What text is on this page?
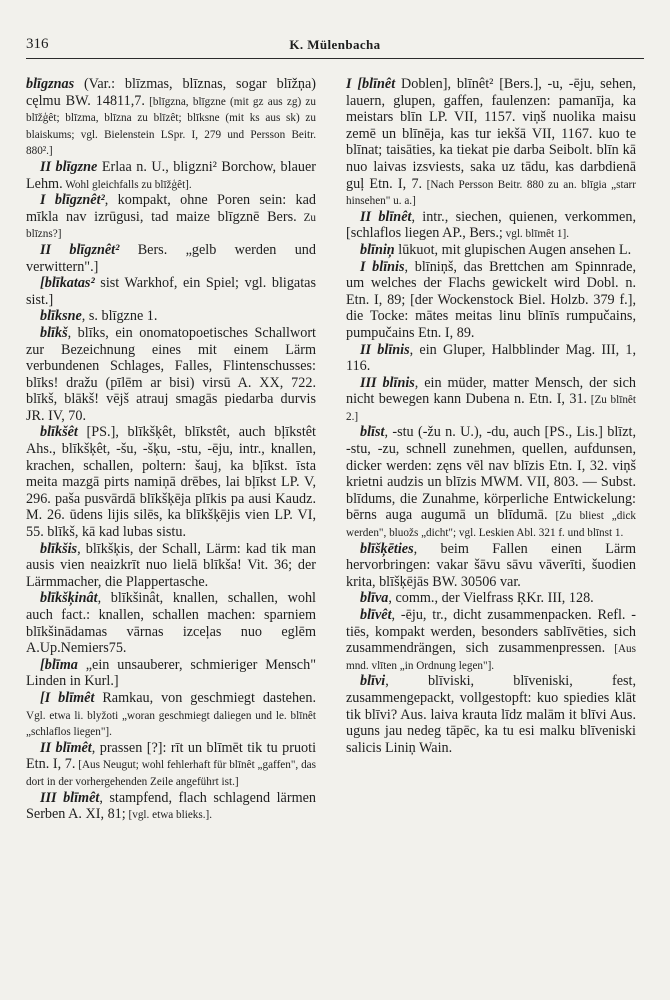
316	K. Mülenbacha

blīgznas (Var.: blīzmas, blīznas, sogar blīžņa) cęlmu BW. 14811,7. [blīgzna, blīgzne (mit gz aus zg) zu blīžģêt; blīzma, blīzna zu blīzêt; blīksne (mit ks aus sk) zu blaiskums; vgl. Bielenstein LSpr. I, 279 und Persson Beitr. 880².]

II blīgzne Erlaa n. U., bligzni² Borchow, blauer Lehm. Wohl gleichfalls zu blīžģêt].

I blīgznêt², kompakt, ohne Poren sein: kad mīkla nav izrūgusi, tad maize blīgznē Bers. Zu blīzns?]

II blīgznêt² Bers. „gelb werden und verwittern".]

[blīkatas² sist Warkhof, ein Spiel; vgl. bligatas sist.]

blīksne, s. blīgzne 1.

blīkš, blīks, ein onomatopoetisches Schallwort zur Bezeichnung eines mit einem Lärm verbundenen Schlages, Falles, Flintenschusses: blīks! dražu (pīlēm ar bisi) virsū A. XX, 722. blīkš, blākš! vējš atrauj smagās piedarba durvis JR. IV, 70.

blīkšêt [PS.], blīkšķêt, blīkstêt, auch bļīkstêt Ahs., blīkšķêt, -šu, -šķu, -stu, -ēju, intr., knallen, krachen, schallen, poltern: šauj, ka bļīkst. īsta meita mazgā pirts namiņā drēbes, lai bļīkst LP. V, 296. paša pusvārdā blīkšķēja plīkis pa ausi Kaudz. M. 26. ūdens lijis silēs, ka blīkšķējis vien LP. VI, 55. blīkš, kā kad lubas sistu.

blīkšis, blīkšķis, der Schall, Lärm: kad tik man ausis vien neaizkrīt nuo lielā blīkša! Vit. 36; der Lärmmacher, die Plappertasche.

blīkšķinât, blīkšinât, knallen, schallen, wohl auch fact.: knallen, schallen machen: sparniem blīkšinādamas vārnas izceļas nuo eglēm A.Up.Nemiers75.

[blīma „ein unsauberer, schmieriger Mensch" Linden in Kurl.]

[I blīmêt Ramkau, von geschmiegt dastehen. Vgl. etwa li. blyžoti „woran geschmiegt daliegen und le. blīnêt „schlaflos liegen"].

II blīmêt, prassen [?]: rīt un blīmēt tik tu pruoti Etn. I, 7. [Aus Neugut; wohl fehlerhaft für blīnêt „gaffen", das dort in der vorhergehenden Zeile angeführt ist.]

III blīmêt, stampfend, flach schlagend lärmen Serben A. XI, 81; [vgl. etwa blieks.].

I [blīnêt Doblen], blīnêt² [Bers.], -u, -ēju, sehen, lauern, glupen, gaffen, faulenzen: pamanīja, ka meistars blīn LP. VII, 1157. viņš nuolika maisu zemē un blīnēja, kas tur iekšā VII, 1167. kuo te blīnat; taisāties, ka tiekat pie darba Seibolt. blīn kā nuo laivas izsviests, saka uz tādu, kas darbdienā guļ Etn. I, 7. [Nach Persson Beitr. 880 zu an. blīgia „starr hinsehen" u. a.]

II blīnêt, intr., siechen, quienen, verkommen, [schlaflos liegen AP., Bers.; vgl. blīmêt 1].

blīniņ lūkuot, mit glupischen Augen ansehen L.

I blīnis, blīniņš, das Brettchen am Spinnrade, um welches der Flachs gewickelt wird Dobl. n. Etn. I, 89; [der Wockenstock Biel. Holzb. 379 f.], die Tocke: mātes meitas linu blīnīs rumpučains, pumpučains Etn. I, 89.

II blīnis, ein Gluper, Halbblinder Mag. III, 1, 116.

III blīnis, ein müder, matter Mensch, der sich nicht bewegen kann Dubena n. Etn. I, 31. [Zu blīnêt 2.]

blīst, -stu (-žu n. U.), -du, auch [PS., Lis.] blīzt, -stu, -zu, schnell zunehmen, quellen, aufdunsen, dicker werden: zęns vēl nav blīzis Etn. I, 32. viņš krietni audzis un blīzis MWM. VII, 803. — Subst. blīdums, die Zunahme, körperliche Entwickelung: bērns auga augumā un blīdumā. [Zu bliest „dick werden", bluožs „dicht"; vgl. Leskien Abl. 321 f. und blīnst 1.

blīšķēties, beim Fallen einen Lärm hervorbringen: vakar šāvu sāvu vāverīti, šuodien krita, blīšķējās BW. 30506 var.

blīva, comm., der Vielfrass ŖKr. III, 128.

blīvêt, -ēju, tr., dicht zusammenpacken. Refl. -tiēs, kompakt werden, besonders sablīvēties, sich zusammendrängen, sich zusammenpressen. [Aus mnd. vlīten „in Ordnung legen"].

blīvi, blīviski, blīveniski, fest, zusammengepackt, vollgestopft: kuo spiedies klāt tik blīvi? Aus. laiva krauta līdz malām it blīvi Aus. uguns jau nedeg tāpēc, ka tu esi malku blīveniski salicis Liniņ Wain.
